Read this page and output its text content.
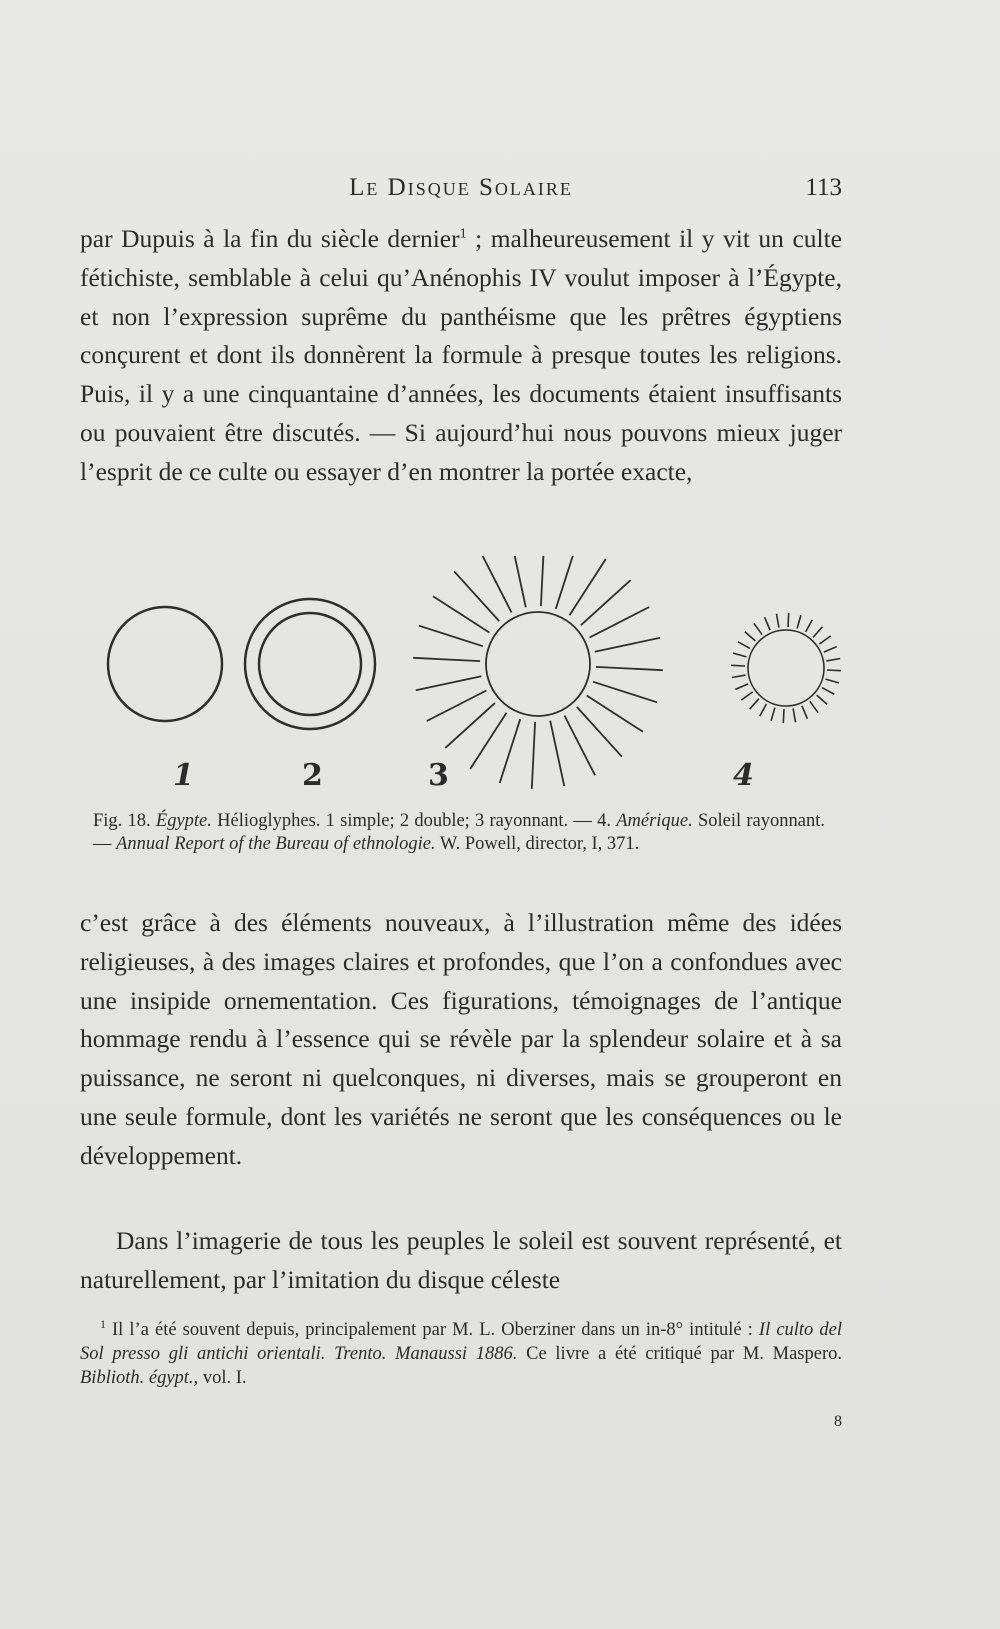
Le Disque Solaire	113

par Dupuis à la fin du siècle dernier$^1$ ; malheureusement il y vit un culte fétichiste, semblable à celui qu’Anénophis IV voulut imposer à l’Égypte, et non l’expression suprême du panthéisme que les prêtres égyptiens conçurent et dont ils donnèrent la formule à presque toutes les religions. Puis, il y a une cinquantaine d’années, les documents étaient insuffisants ou pouvaient être discutés. — Si aujourd’hui nous pouvons mieux juger l’esprit de ce culte ou essayer d’en montrer la portée exacte,

1	2	3	4
Fig. 18. Égypte. Hélioglyphes. 1 simple; 2 double; 3 rayonnant. — 4. Amérique. Soleil rayonnant. — Annual Report of the Bureau of ethnologie. W. Powell, director, I, 371.

c’est grâce à des éléments nouveaux, à l’illustration même des idées religieuses, à des images claires et profondes, que l’on a confondues avec une insipide ornementation. Ces figurations, témoignages de l’antique hommage rendu à l’essence qui se révèle par la splendeur solaire et à sa puissance, ne seront ni quelconques, ni diverses, mais se grouperont en une seule formule, dont les variétés ne seront que les conséquences ou le développement.

Dans l’imagerie de tous les peuples le soleil est souvent représenté, et naturellement, par l’imitation du disque céleste

$^1$ Il l’a été souvent depuis, principalement par M. L. Oberziner dans un in-8° intitulé : Il culto del Sol presso gli antichi orientali. Trento. Manaussi 1886. Ce livre a été critiqué par M. Maspero. Biblioth. égypt., vol. I.

8
